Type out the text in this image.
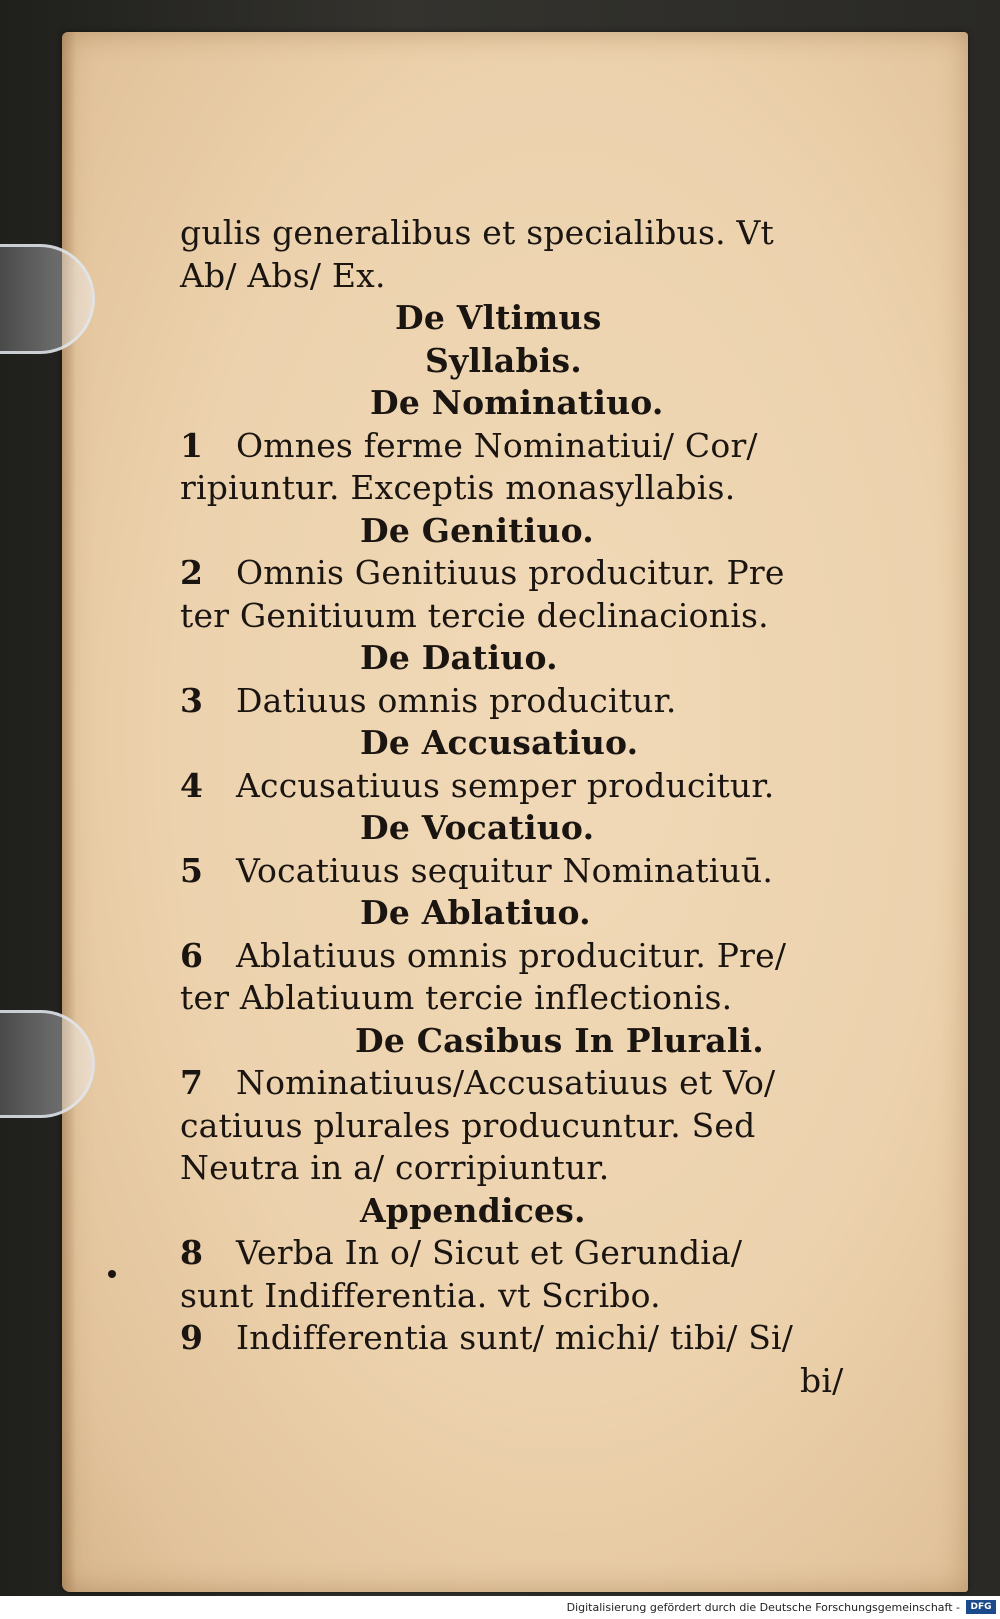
gulis generalibus et specialibus. Vt
Ab/ Abs/ Ex.
De Vltimus
Syllabis.
De Nominatiuo.
1 Omnes ferme Nominatiui/ Cor/
ripiuntur. Exceptis monasyllabis.
De Genitiuo.
2 Omnis Genitiuus producitur. Pre
ter Genitiuum tercie declinacionis.
De Datiuo.
3 Datiuus omnis producitur.
De Accusatiuo.
4 Accusatiuus semper producitur.
De Vocatiuo.
5 Vocatiuus sequitur Nominatiuū.
De Ablatiuo.
6 Ablatiuus omnis producitur. Pre/
ter Ablatiuum tercie inflectionis.
De Casibus In Plurali.
7 Nominatiuus/Accusatiuus et Vo/
catiuus plurales producuntur. Sed
Neutra in a/ corripiuntur.
Appendices.
8 Verba In o/ Sicut et Gerundia/
sunt Indifferentia. vt Scribo.
9 Indifferentia sunt/ michi/ tibi/ Si/
bi/
Digitalisierung gefördert durch die Deutsche Forschungsgemeinschaft -	DFG
